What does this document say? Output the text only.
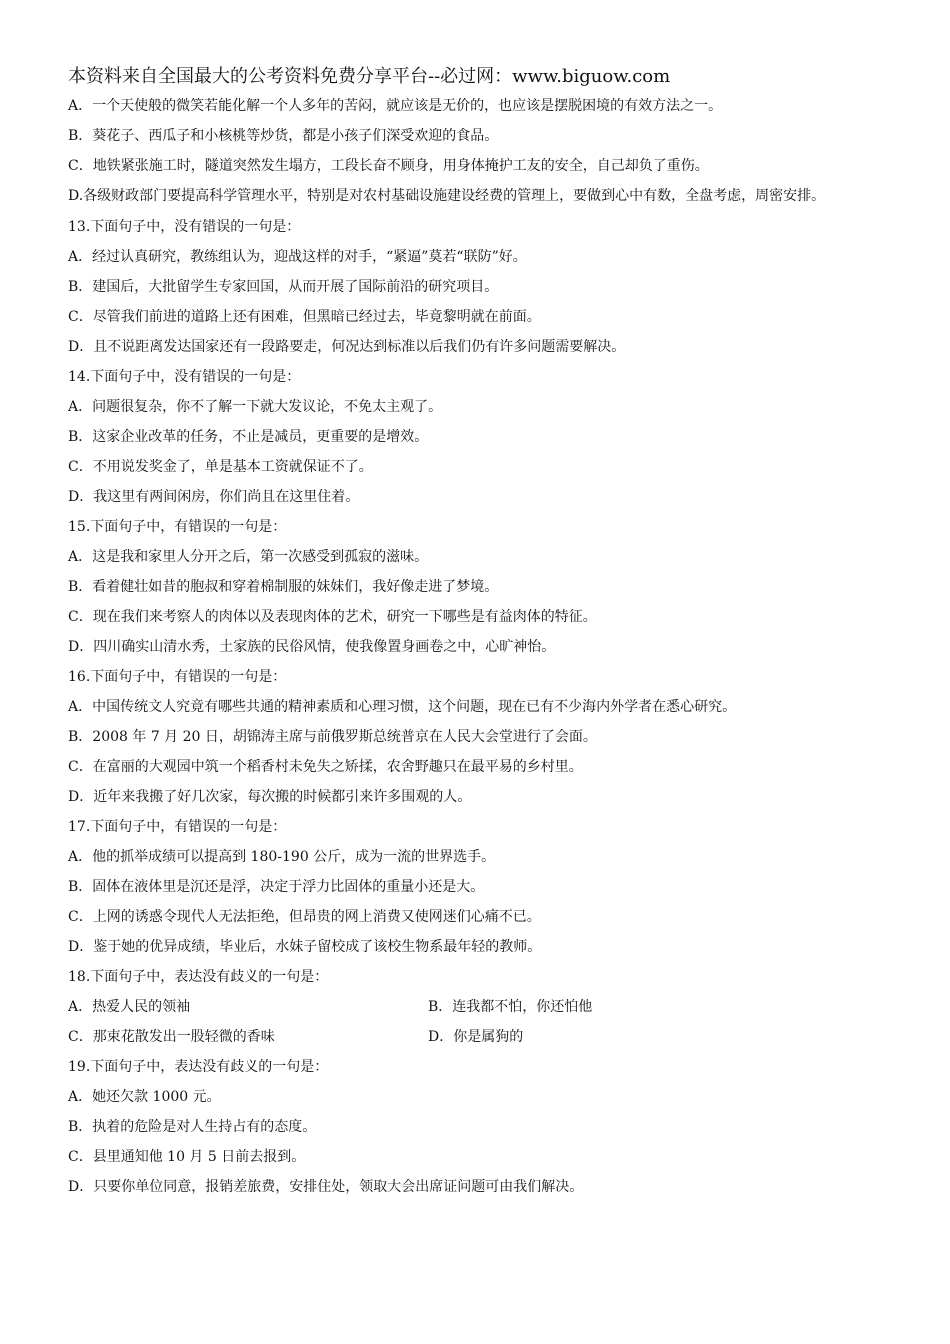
本资料来自全国最大的公考资料免费分享平台--必过网：www.biguow.com
A．一个天使般的微笑若能化解一个人多年的苦闷，就应该是无价的，也应该是摆脱困境的有效方法之一。
B．葵花子、西瓜子和小核桃等炒货，都是小孩子们深受欢迎的食品。
C．地铁紧张施工时，隧道突然发生塌方，工段长奋不顾身，用身体掩护工友的安全，自己却负了重伤。
D.各级财政部门要提高科学管理水平，特别是对农村基础设施建设经费的管理上，要做到心中有数，全盘考虑，周密安排。
13.下面句子中，没有错误的一句是：
A．经过认真研究，教练组认为，迎战这样的对手，“紧逼”莫若“联防”好。
B．建国后，大批留学生专家回国，从而开展了国际前沿的研究项目。
C．尽管我们前进的道路上还有困难，但黑暗已经过去，毕竟黎明就在前面。
D．且不说距离发达国家还有一段路要走，何况达到标准以后我们仍有许多问题需要解决。
14.下面句子中，没有错误的一句是：
A．问题很复杂，你不了解一下就大发议论，不免太主观了。
B．这家企业改革的任务，不止是减员，更重要的是增效。
C．不用说发奖金了，单是基本工资就保证不了。
D．我这里有两间闲房，你们尚且在这里住着。
15.下面句子中，有错误的一句是：
A．这是我和家里人分开之后，第一次感受到孤寂的滋味。
B．看着健壮如昔的胞叔和穿着棉制服的妹妹们，我好像走进了梦境。
C．现在我们来考察人的肉体以及表现肉体的艺术，研究一下哪些是有益肉体的特征。
D．四川确实山清水秀，土家族的民俗风情，使我像置身画卷之中，心旷神怡。
16.下面句子中，有错误的一句是：
A．中国传统文人究竟有哪些共通的精神素质和心理习惯，这个问题，现在已有不少海内外学者在悉心研究。
B．2008 年 7 月 20 日，胡锦涛主席与前俄罗斯总统普京在人民大会堂进行了会面。
C．在富丽的大观园中筑一个稻香村未免失之矫揉，农舍野趣只在最平易的乡村里。
D．近年来我搬了好几次家，每次搬的时候都引来许多围观的人。
17.下面句子中，有错误的一句是：
A．他的抓举成绩可以提高到 180-190 公斤，成为一流的世界选手。
B．固体在液体里是沉还是浮，决定于浮力比固体的重量小还是大。
C．上网的诱惑令现代人无法拒绝，但昂贵的网上消费又使网迷们心痛不已。
D．鉴于她的优异成绩，毕业后，水妹子留校成了该校生物系最年轻的教师。
18.下面句子中，表达没有歧义的一句是：
A．热爱人民的领袖	B．连我都不怕，你还怕他
C．那束花散发出一股轻微的香味	D．你是属狗的
19.下面句子中，表达没有歧义的一句是：
A．她还欠款 1000 元。
B．执着的危险是对人生持占有的态度。
C．县里通知他 10 月 5 日前去报到。
D．只要你单位同意，报销差旅费，安排住处，领取大会出席证问题可由我们解决。
